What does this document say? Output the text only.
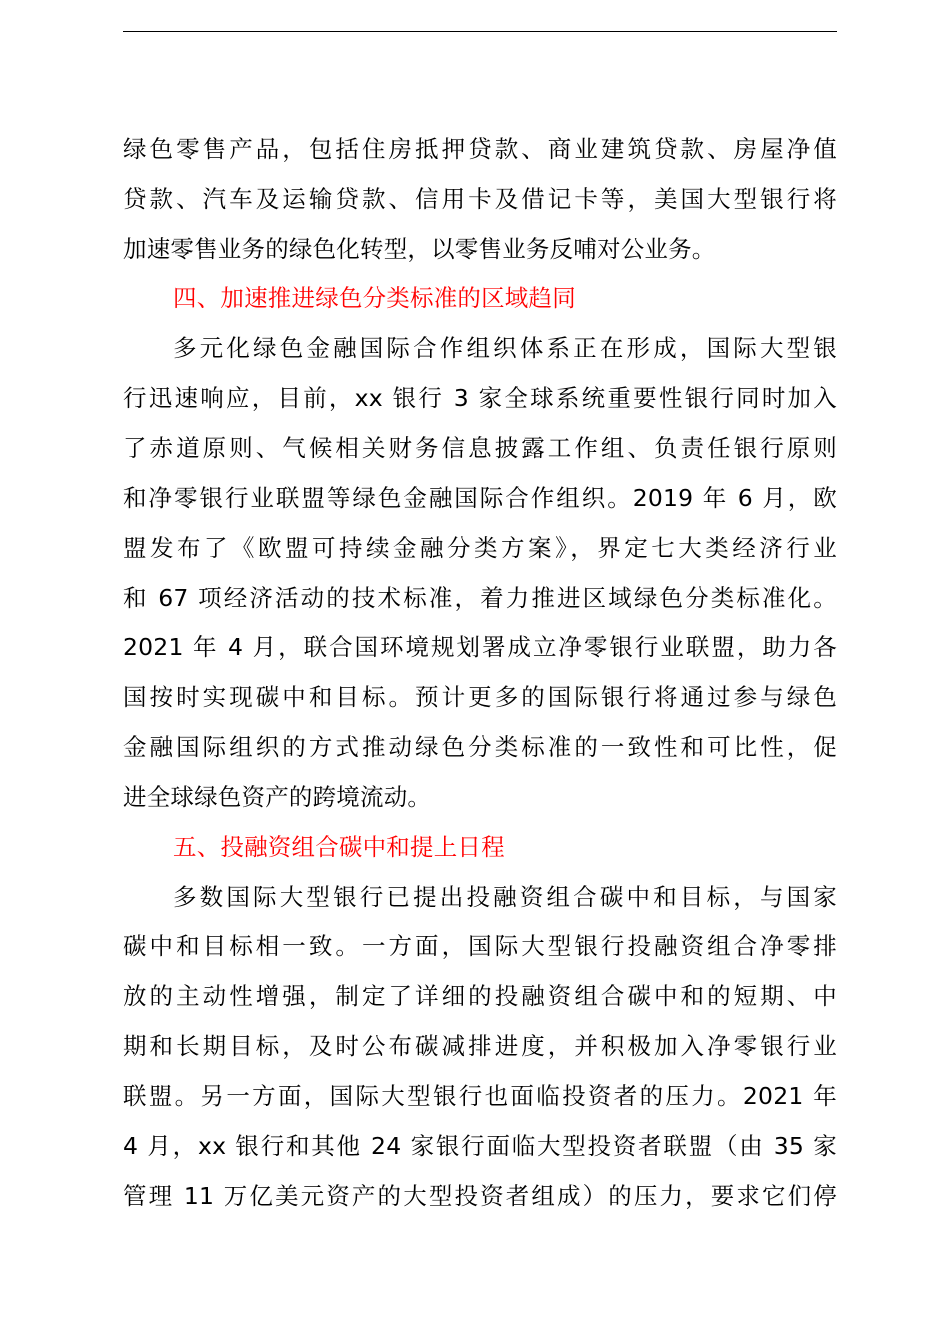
绿色零售产品，包括住房抵押贷款、商业建筑贷款、房屋净值
贷款、汽车及运输贷款、信用卡及借记卡等，美国大型银行将
加速零售业务的绿色化转型，以零售业务反哺对公业务。
四、加速推进绿色分类标准的区域趋同
多元化绿色金融国际合作组织体系正在形成，国际大型银
行迅速响应，目前，xx 银行 3 家全球系统重要性银行同时加入
了赤道原则、气候相关财务信息披露工作组、负责任银行原则
和净零银行业联盟等绿色金融国际合作组织。2019 年 6 月，欧
盟发布了《欧盟可持续金融分类方案》，界定七大类经济行业
和 67 项经济活动的技术标准，着力推进区域绿色分类标准化。
2021 年 4 月，联合国环境规划署成立净零银行业联盟，助力各
国按时实现碳中和目标。预计更多的国际银行将通过参与绿色
金融国际组织的方式推动绿色分类标准的一致性和可比性，促
进全球绿色资产的跨境流动。
五、投融资组合碳中和提上日程
多数国际大型银行已提出投融资组合碳中和目标，与国家
碳中和目标相一致。一方面，国际大型银行投融资组合净零排
放的主动性增强，制定了详细的投融资组合碳中和的短期、中
期和长期目标，及时公布碳减排进度，并积极加入净零银行业
联盟。另一方面，国际大型银行也面临投资者的压力。2021 年
4 月，xx 银行和其他 24 家银行面临大型投资者联盟（由 35 家
管理 11 万亿美元资产的大型投资者组成）的压力，要求它们停
